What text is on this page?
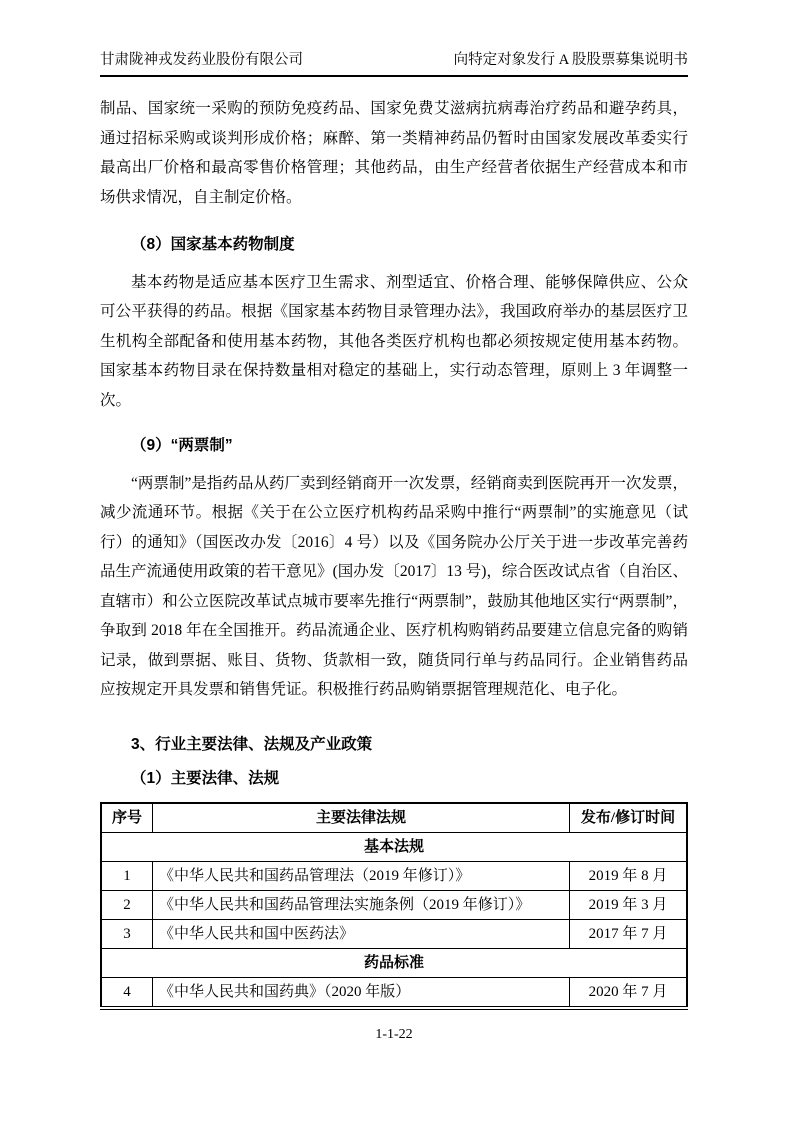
甘肃陇神戎发药业股份有限公司	向特定对象发行 A 股股票募集说明书

制品、国家统一采购的预防免疫药品、国家免费艾滋病抗病毒治疗药品和避孕药具，通过招标采购或谈判形成价格；麻醉、第一类精神药品仍暂时由国家发展改革委实行最高出厂价格和最高零售价格管理；其他药品，由生产经营者依据生产经营成本和市场供求情况，自主制定价格。

（8）国家基本药物制度

基本药物是适应基本医疗卫生需求、剂型适宜、价格合理、能够保障供应、公众可公平获得的药品。根据《国家基本药物目录管理办法》，我国政府举办的基层医疗卫生机构全部配备和使用基本药物，其他各类医疗机构也都必须按规定使用基本药物。国家基本药物目录在保持数量相对稳定的基础上，实行动态管理，原则上 3 年调整一次。

（9）“两票制”

“两票制”是指药品从药厂卖到经销商开一次发票，经销商卖到医院再开一次发票，减少流通环节。根据《关于在公立医疗机构药品采购中推行“两票制”的实施意见（试行）的通知》（国医改办发〔2016〕4 号）以及《国务院办公厅关于进一步改革完善药品生产流通使用政策的若干意见》(国办发〔2017〕13 号)，综合医改试点省（自治区、直辖市）和公立医院改革试点城市要率先推行“两票制”，鼓励其他地区实行“两票制”，争取到 2018 年在全国推开。药品流通企业、医疗机构购销药品要建立信息完备的购销记录，做到票据、账目、货物、货款相一致，随货同行单与药品同行。企业销售药品应按规定开具发票和销售凭证。积极推行药品购销票据管理规范化、电子化。

3、行业主要法律、法规及产业政策

（1）主要法律、法规

序号	主要法律法规	发布/修订时间
基本法规		
1	《中华人民共和国药品管理法（2019 年修订）》	2019 年 8 月
2	《中华人民共和国药品管理法实施条例（2019 年修订）》	2019 年 3 月
3	《中华人民共和国中医药法》	2017 年 7 月
药品标准		
4	《中华人民共和国药典》（2020 年版）	2020 年 7 月
1-1-22
